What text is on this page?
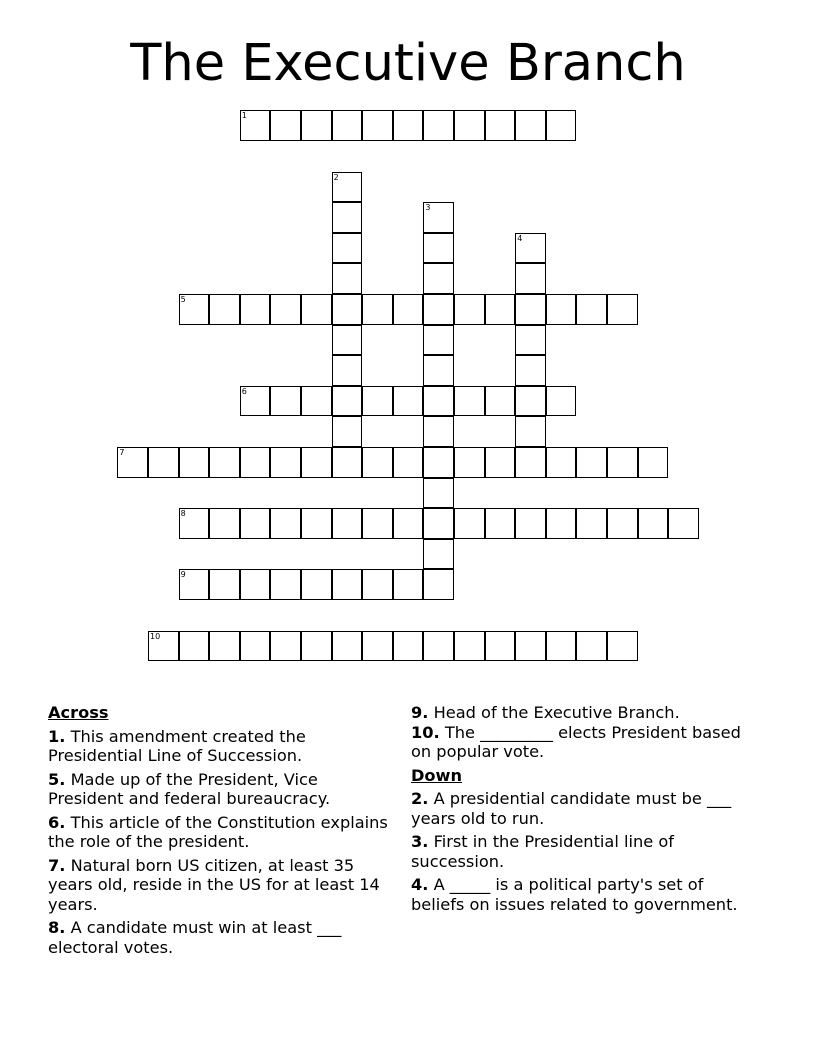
The Executive Branch
1
2
3
4
5
6
7
8
9
10
Across
1. This amendment created the Presidential Line of Succession.
5. Made up of the President, Vice President and federal bureaucracy.
6. This article of the Constitution explains the role of the president.
7. Natural born US citizen, at least 35 years old, reside in the US for at least 14 years.
8. A candidate must win at least ___ electoral votes.
9. Head of the Executive Branch.
10. The _________ elects President based on popular vote.
Down
2. A presidential candidate must be ___ years old to run.
3. First in the Presidential line of succession.
4. A _____ is a political party's set of beliefs on issues related to government.
